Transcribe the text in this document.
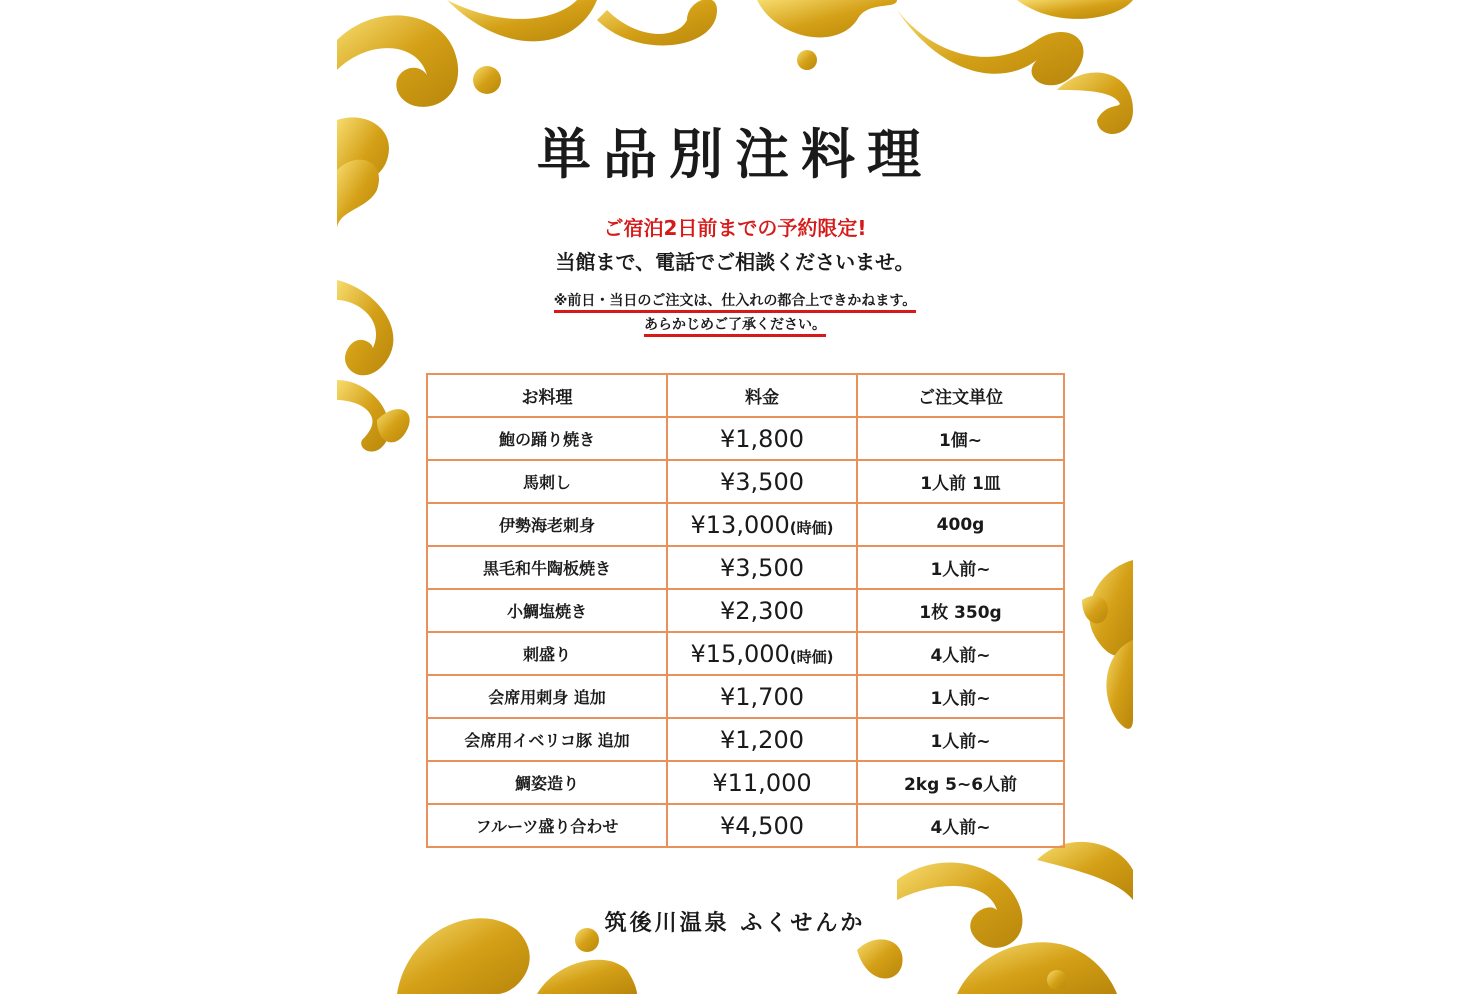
単品別注料理
ご宿泊2日前までの予約限定!
当館まで、電話でご相談くださいませ。
※前日・当日のご注文は、仕入れの都合上できかねます。
あらかじめご了承ください。
お料理	料金	ご注文単位
鮑の踊り焼き	¥1,800	1個~
馬刺し	¥3,500	1人前 1皿
伊勢海老刺身	¥13,000(時価)	400g
黒毛和牛陶板焼き	¥3,500	1人前~
小鯛塩焼き	¥2,300	1枚 350g
刺盛り	¥15,000(時価)	4人前~
会席用刺身 追加	¥1,700	1人前~
会席用イベリコ豚 追加	¥1,200	1人前~
鯛姿造り	¥11,000	2kg 5~6人前
フルーツ盛り合わせ	¥4,500	4人前~
筑後川温泉 ふくせんか
